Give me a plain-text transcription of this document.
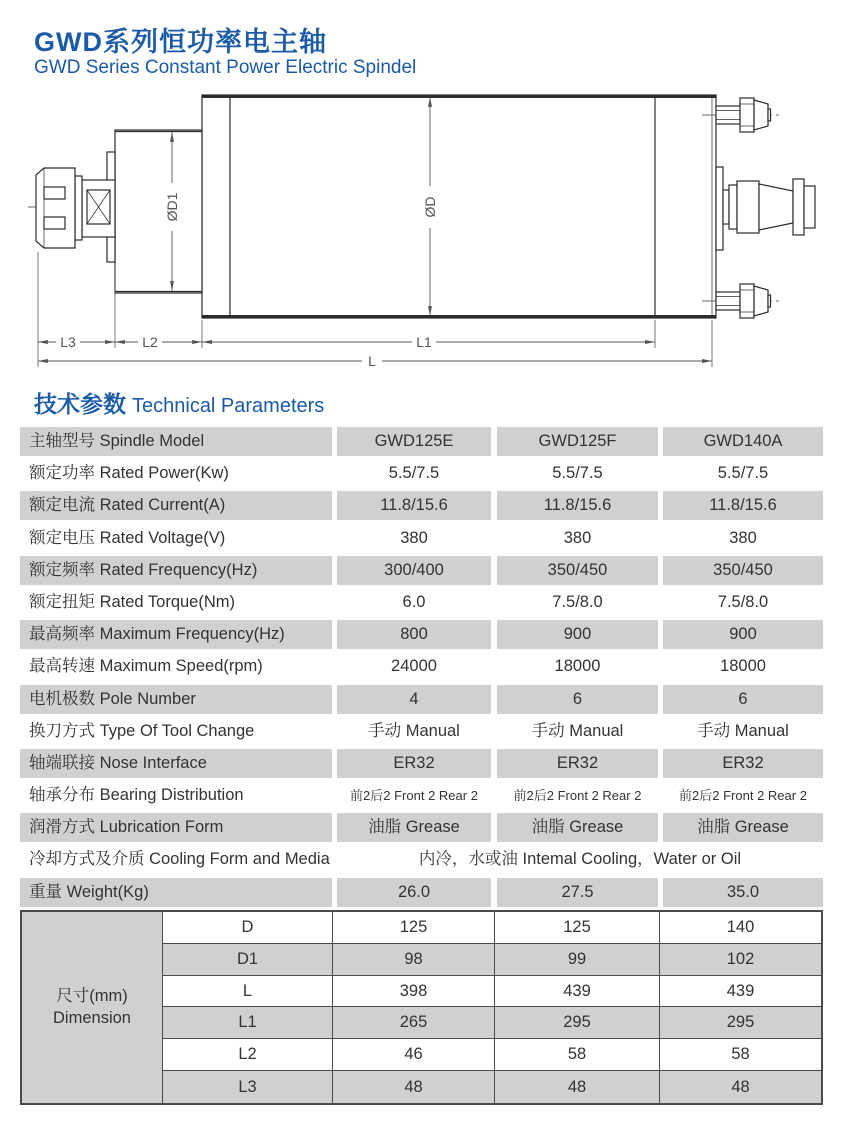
GWD系列恒功率电主轴
GWD Series Constant Power Electric Spindel
ØD
ØD1
L3	L2	L1
L
技术参数 Technical Parameters
主轴型号 Spindle Model	GWD125E	GWD125F	GWD140A
额定功率 Rated Power(Kw)	5.5/7.5	5.5/7.5	5.5/7.5
额定电流 Rated Current(A)	11.8/15.6	11.8/15.6	11.8/15.6
额定电压 Rated Voltage(V)	380	380	380
额定频率 Rated Frequency(Hz)	300/400	350/450	350/450
额定扭矩 Rated Torque(Nm)	6.0	7.5/8.0	7.5/8.0
最高频率 Maximum Frequency(Hz)	800	900	900
最高转速 Maximum Speed(rpm)	24000	18000	18000
电机极数 Pole Number	4	6	6
换刀方式 Type Of Tool Change	手动 Manual	手动 Manual	手动 Manual
轴端联接 Nose Interface	ER32	ER32	ER32
轴承分布 Bearing Distribution	前2后2 Front 2 Rear 2	前2后2 Front 2 Rear 2	前2后2 Front 2 Rear 2
润滑方式 Lubrication Form	油脂 Grease	油脂 Grease	油脂 Grease
冷却方式及介质 Cooling Form and Media	内冷，水或油 Intemal Cooling，Water or Oil
重量 Weight(Kg)	26.0	27.5	35.0
尺寸(mm)
Dimension
D	125	125	140
D1	98	99	102
L	398	439	439
L1	265	295	295
L2	46	58	58
L3	48	48	48
